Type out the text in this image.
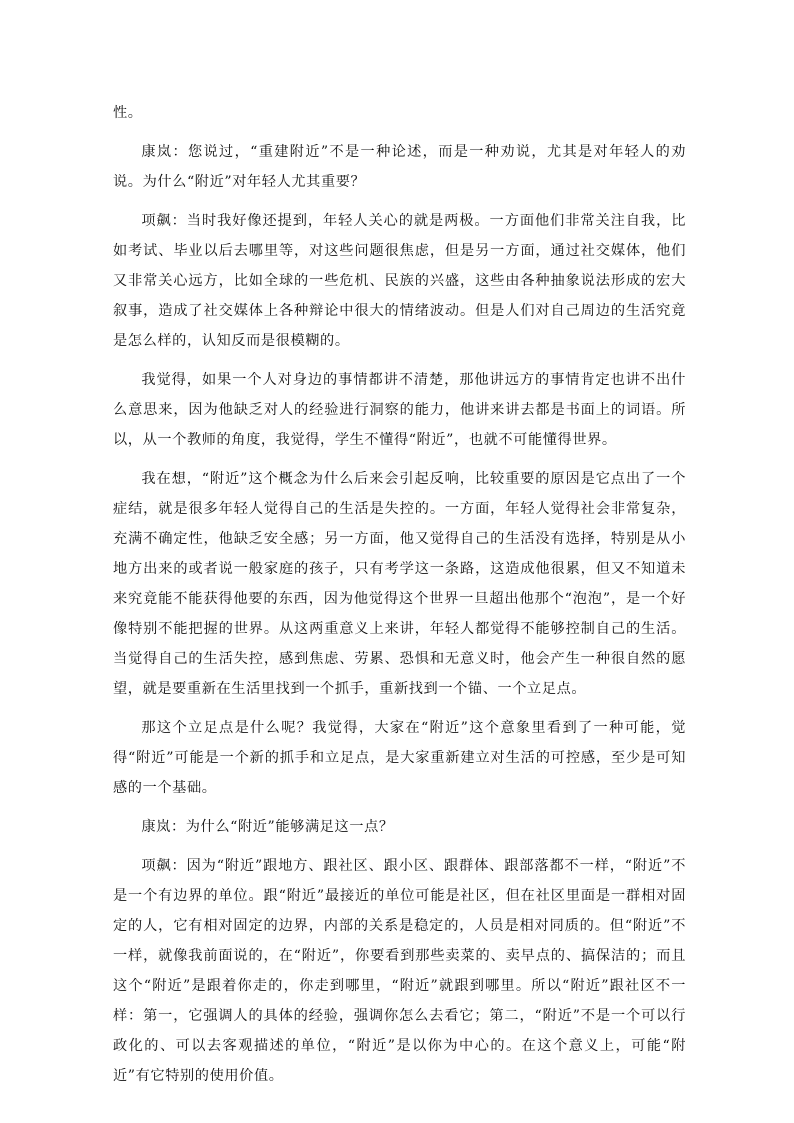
性。

康岚：您说过，“重建附近”不是一种论述，而是一种劝说，尤其是对年轻人的劝说。为什么“附近”对年轻人尤其重要？

项飙：当时我好像还提到，年轻人关心的就是两极。一方面他们非常关注自我，比如考试、毕业以后去哪里等，对这些问题很焦虑，但是另一方面，通过社交媒体，他们又非常关心远方，比如全球的一些危机、民族的兴盛，这些由各种抽象说法形成的宏大叙事，造成了社交媒体上各种辩论中很大的情绪波动。但是人们对自己周边的生活究竟是怎么样的，认知反而是很模糊的。

我觉得，如果一个人对身边的事情都讲不清楚，那他讲远方的事情肯定也讲不出什么意思来，因为他缺乏对人的经验进行洞察的能力，他讲来讲去都是书面上的词语。所以，从一个教师的角度，我觉得，学生不懂得“附近”，也就不可能懂得世界。

我在想，“附近”这个概念为什么后来会引起反响，比较重要的原因是它点出了一个症结，就是很多年轻人觉得自己的生活是失控的。一方面，年轻人觉得社会非常复杂，充满不确定性，他缺乏安全感；另一方面，他又觉得自己的生活没有选择，特别是从小地方出来的或者说一般家庭的孩子，只有考学这一条路，这造成他很累，但又不知道未来究竟能不能获得他要的东西，因为他觉得这个世界一旦超出他那个“泡泡”，是一个好像特别不能把握的世界。从这两重意义上来讲，年轻人都觉得不能够控制自己的生活。当觉得自己的生活失控，感到焦虑、劳累、恐惧和无意义时，他会产生一种很自然的愿望，就是要重新在生活里找到一个抓手，重新找到一个锚、一个立足点。

那这个立足点是什么呢？我觉得，大家在“附近”这个意象里看到了一种可能，觉得“附近”可能是一个新的抓手和立足点，是大家重新建立对生活的可控感，至少是可知感的一个基础。

康岚：为什么“附近”能够满足这一点？

项飙：因为“附近”跟地方、跟社区、跟小区、跟群体、跟部落都不一样，“附近”不是一个有边界的单位。跟“附近”最接近的单位可能是社区，但在社区里面是一群相对固定的人，它有相对固定的边界，内部的关系是稳定的，人员是相对同质的。但“附近”不一样，就像我前面说的，在“附近”，你要看到那些卖菜的、卖早点的、搞保洁的；而且这个“附近”是跟着你走的，你走到哪里，“附近”就跟到哪里。所以“附近”跟社区不一样：第一，它强调人的具体的经验，强调你怎么去看它；第二，“附近”不是一个可以行政化的、可以去客观描述的单位，“附近”是以你为中心的。在这个意义上，可能“附近”有它特别的使用价值。
